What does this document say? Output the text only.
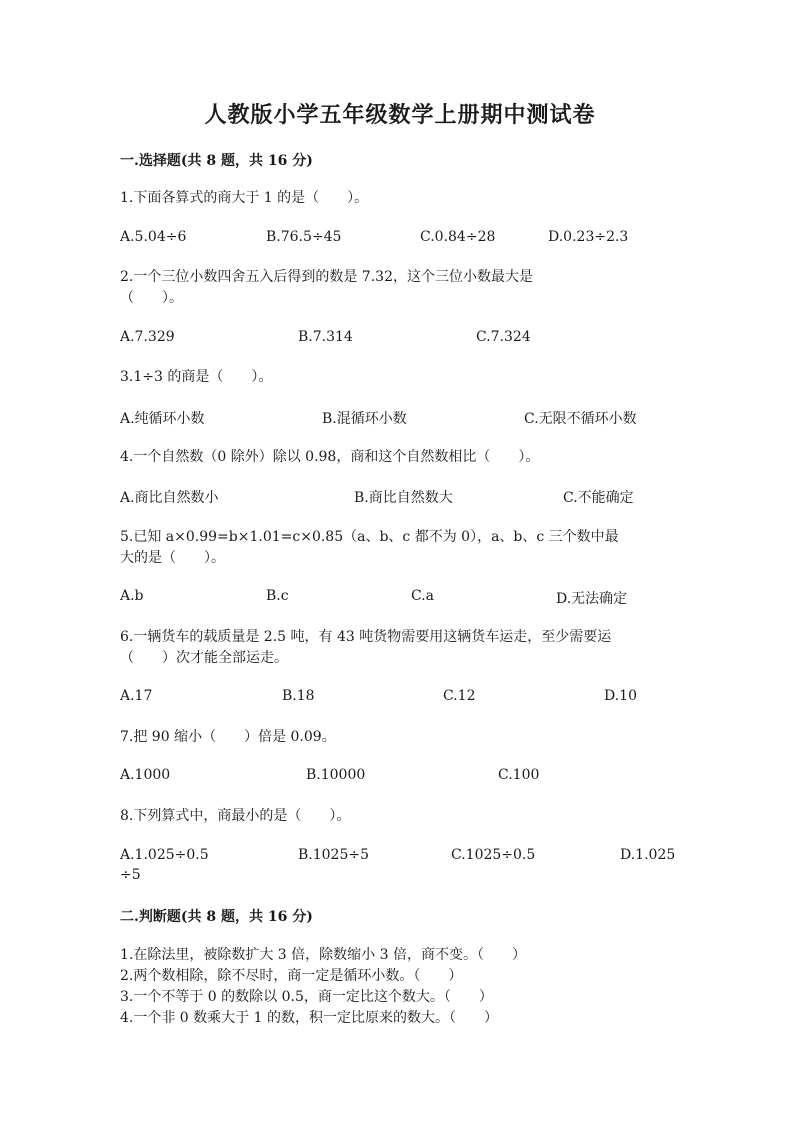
人教版小学五年级数学上册期中测试卷
一.选择题(共 8 题，共 16 分)
1.下面各算式的商大于 1 的是（　　）。
A.5.04÷6	B.76.5÷45	C.0.84÷28	D.0.23÷2.3
2.一个三位小数四舍五入后得到的数是 7.32，这个三位小数最大是
（　　）。
A.7.329	B.7.314	C.7.324
3.1÷3 的商是（　　）。
A.纯循环小数	B.混循环小数	C.无限不循环小数
4.一个自然数（0 除外）除以 0.98，商和这个自然数相比（　　）。
A.商比自然数小	B.商比自然数大	C.不能确定
5.已知 a×0.99=b×1.01=c×0.85（a、b、c 都不为 0），a、b、c 三个数中最
大的是（　　）。
A.b	B.c	C.a	D.无法确定
6.一辆货车的载质量是 2.5 吨，有 43 吨货物需要用这辆货车运走，至少需要运
（　　）次才能全部运走。
A.17	B.18	C.12	D.10
7.把 90 缩小（　　）倍是 0.09。
A.1000	B.10000	C.100
8.下列算式中，商最小的是（　　）。
A.1.025÷0.5	B.1025÷5	C.1025÷0.5	D.1.025
÷5
二.判断题(共 8 题，共 16 分)
1.在除法里，被除数扩大 3 倍，除数缩小 3 倍，商不变。（　　）
2.两个数相除，除不尽时，商一定是循环小数。（　　）
3.一个不等于 0 的数除以 0.5，商一定比这个数大。（　　）
4.一个非 0 数乘大于 1 的数，积一定比原来的数大。（　　）
